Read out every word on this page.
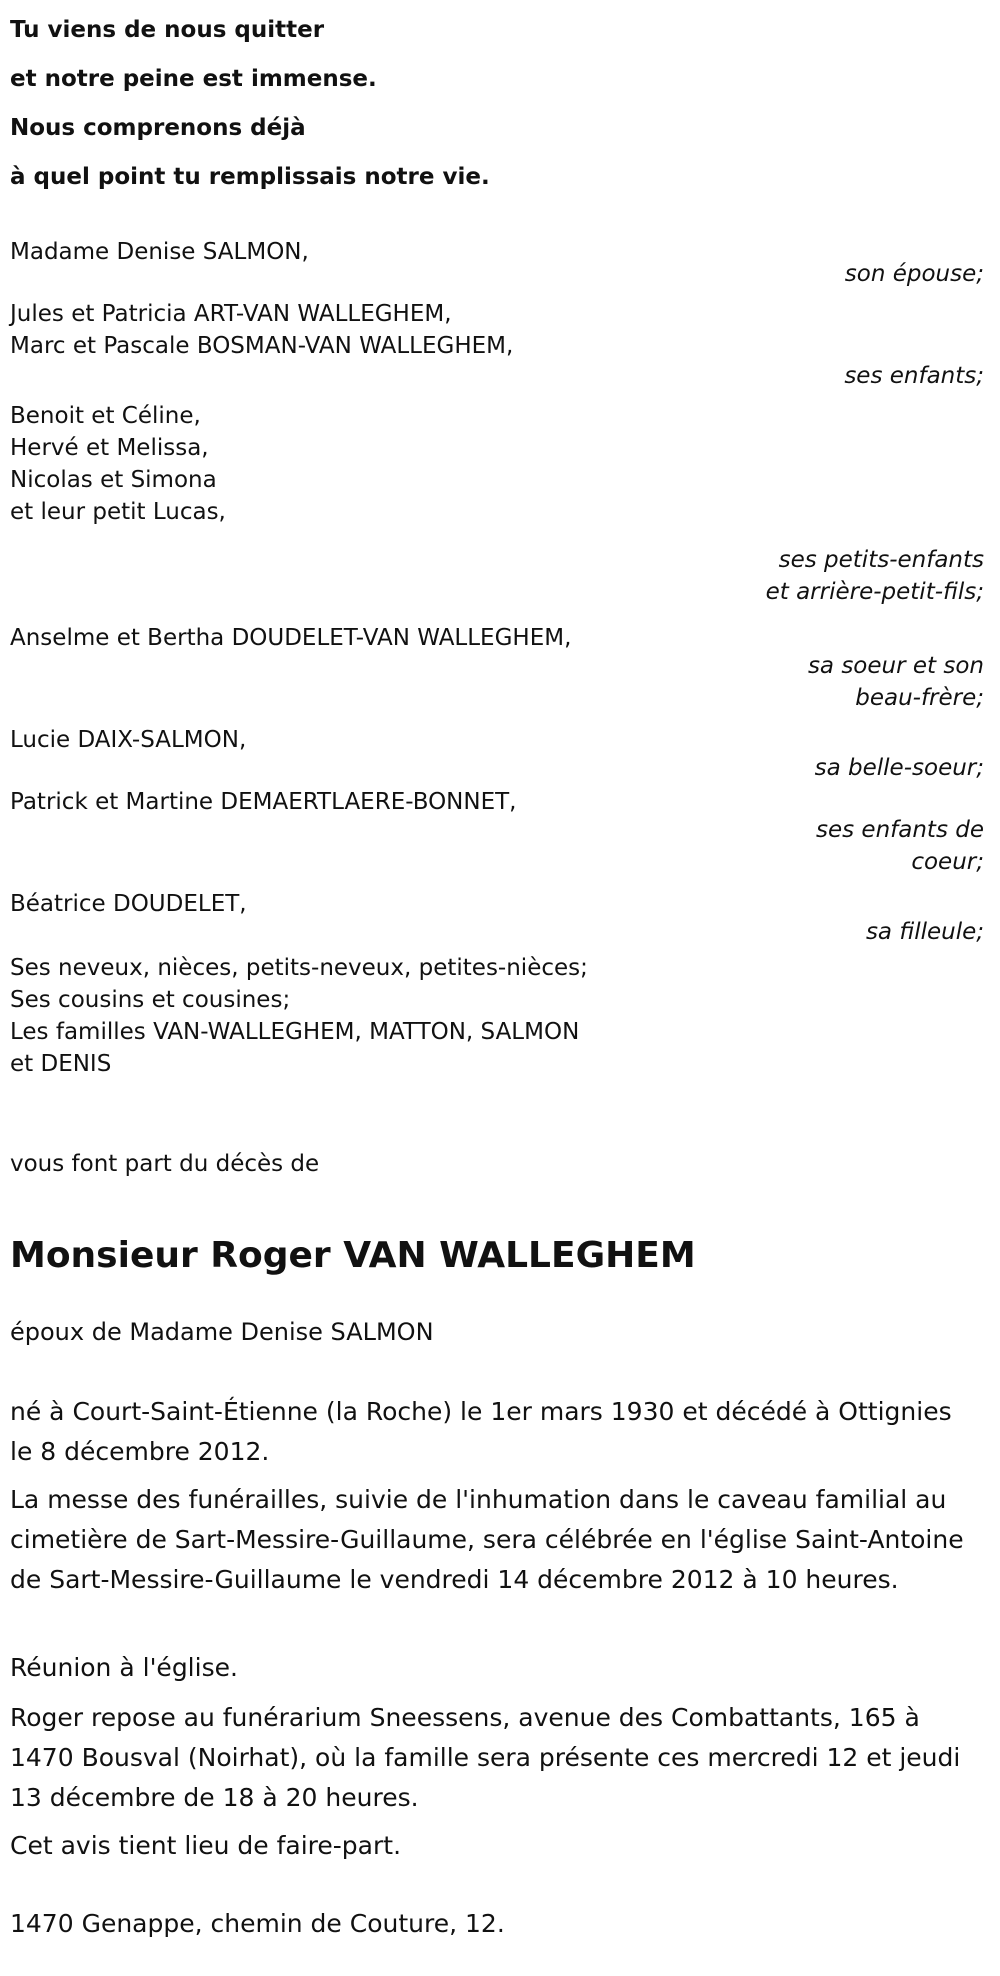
Tu viens de nous quitter
et notre peine est immense.
Nous comprenons déjà
à quel point tu remplissais notre vie.
Madame Denise SALMON,
son épouse;
Jules et Patricia ART-VAN WALLEGHEM,
Marc et Pascale BOSMAN-VAN WALLEGHEM,
ses enfants;
Benoit et Céline,
Hervé et Melissa,
Nicolas et Simona
et leur petit Lucas,
ses petits-enfants
et arrière-petit-fils;
Anselme et Bertha DOUDELET-VAN WALLEGHEM,
sa soeur et son
beau-frère;
Lucie DAIX-SALMON,
sa belle-soeur;
Patrick et Martine DEMAERTLAERE-BONNET,
ses enfants de
coeur;
Béatrice DOUDELET,
sa filleule;
Ses neveux, nièces, petits-neveux, petites-nièces;
Ses cousins et cousines;
Les familles VAN-WALLEGHEM, MATTON, SALMON
et DENIS
vous font part du décès de
Monsieur Roger VAN WALLEGHEM
époux de Madame Denise SALMON
né à Court-Saint-Étienne (la Roche) le 1er mars 1930 et décédé à Ottignies le 8 décembre 2012.
La messe des funérailles, suivie de l'inhumation dans le caveau familial au cimetière de Sart-Messire-Guillaume, sera célébrée en l'église Saint-Antoine de Sart-Messire-Guillaume le vendredi 14 décembre 2012 à 10 heures.
Réunion à l'église.
Roger repose au funérarium Sneessens, avenue des Combattants, 165 à 1470 Bousval (Noirhat), où la famille sera présente ces mercredi 12 et jeudi 13 décembre de 18 à 20 heures.
Cet avis tient lieu de faire-part.
1470 Genappe, chemin de Couture, 12.
